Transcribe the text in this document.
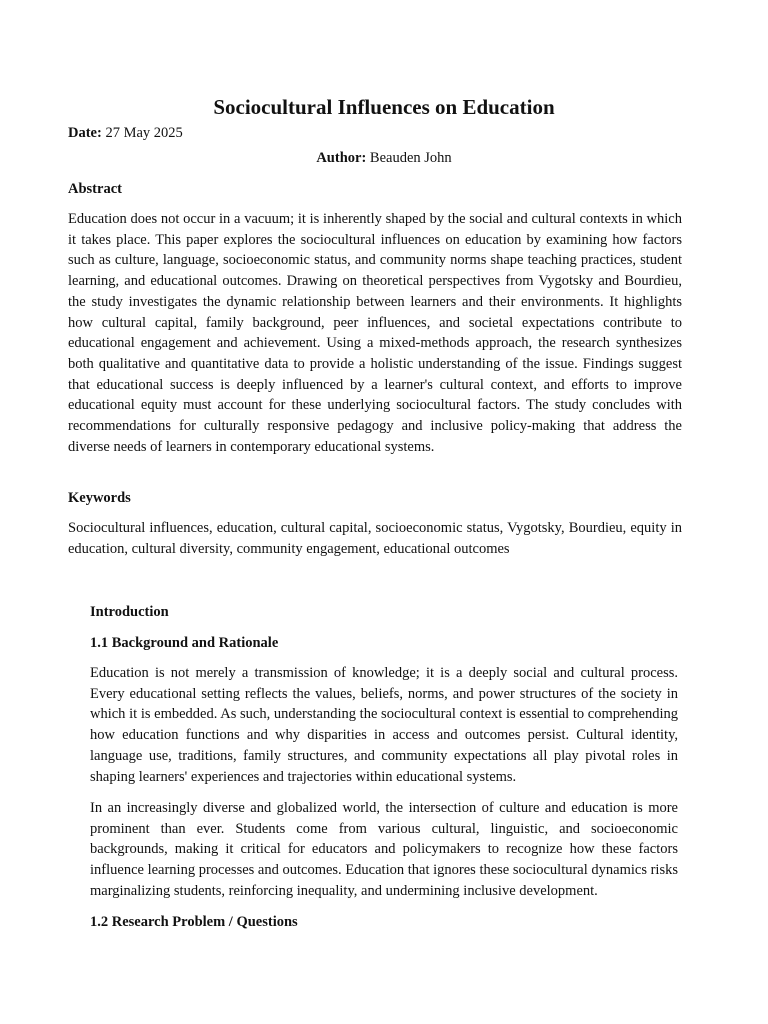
Sociocultural Influences on Education
Date: 27 May 2025
Author: Beauden John
Abstract

Education does not occur in a vacuum; it is inherently shaped by the social and cultural contexts in which it takes place. This paper explores the sociocultural influences on education by examining how factors such as culture, language, socioeconomic status, and community norms shape teaching practices, student learning, and educational outcomes. Drawing on theoretical perspectives from Vygotsky and Bourdieu, the study investigates the dynamic relationship between learners and their environments. It highlights how cultural capital, family background, peer influences, and societal expectations contribute to educational engagement and achievement. Using a mixed-methods approach, the research synthesizes both qualitative and quantitative data to provide a holistic understanding of the issue. Findings suggest that educational success is deeply influenced by a learner's cultural context, and efforts to improve educational equity must account for these underlying sociocultural factors. The study concludes with recommendations for culturally responsive pedagogy and inclusive policy-making that address the diverse needs of learners in contemporary educational systems.

Keywords

Sociocultural influences, education, cultural capital, socioeconomic status, Vygotsky, Bourdieu, equity in education, cultural diversity, community engagement, educational outcomes

Introduction
1.1 Background and Rationale

Education is not merely a transmission of knowledge; it is a deeply social and cultural process. Every educational setting reflects the values, beliefs, norms, and power structures of the society in which it is embedded. As such, understanding the sociocultural context is essential to comprehending how education functions and why disparities in access and outcomes persist. Cultural identity, language use, traditions, family structures, and community expectations all play pivotal roles in shaping learners' experiences and trajectories within educational systems.

In an increasingly diverse and globalized world, the intersection of culture and education is more prominent than ever. Students come from various cultural, linguistic, and socioeconomic backgrounds, making it critical for educators and policymakers to recognize how these factors influence learning processes and outcomes. Education that ignores these sociocultural dynamics risks marginalizing students, reinforcing inequality, and undermining inclusive development.

1.2 Research Problem / Questions
